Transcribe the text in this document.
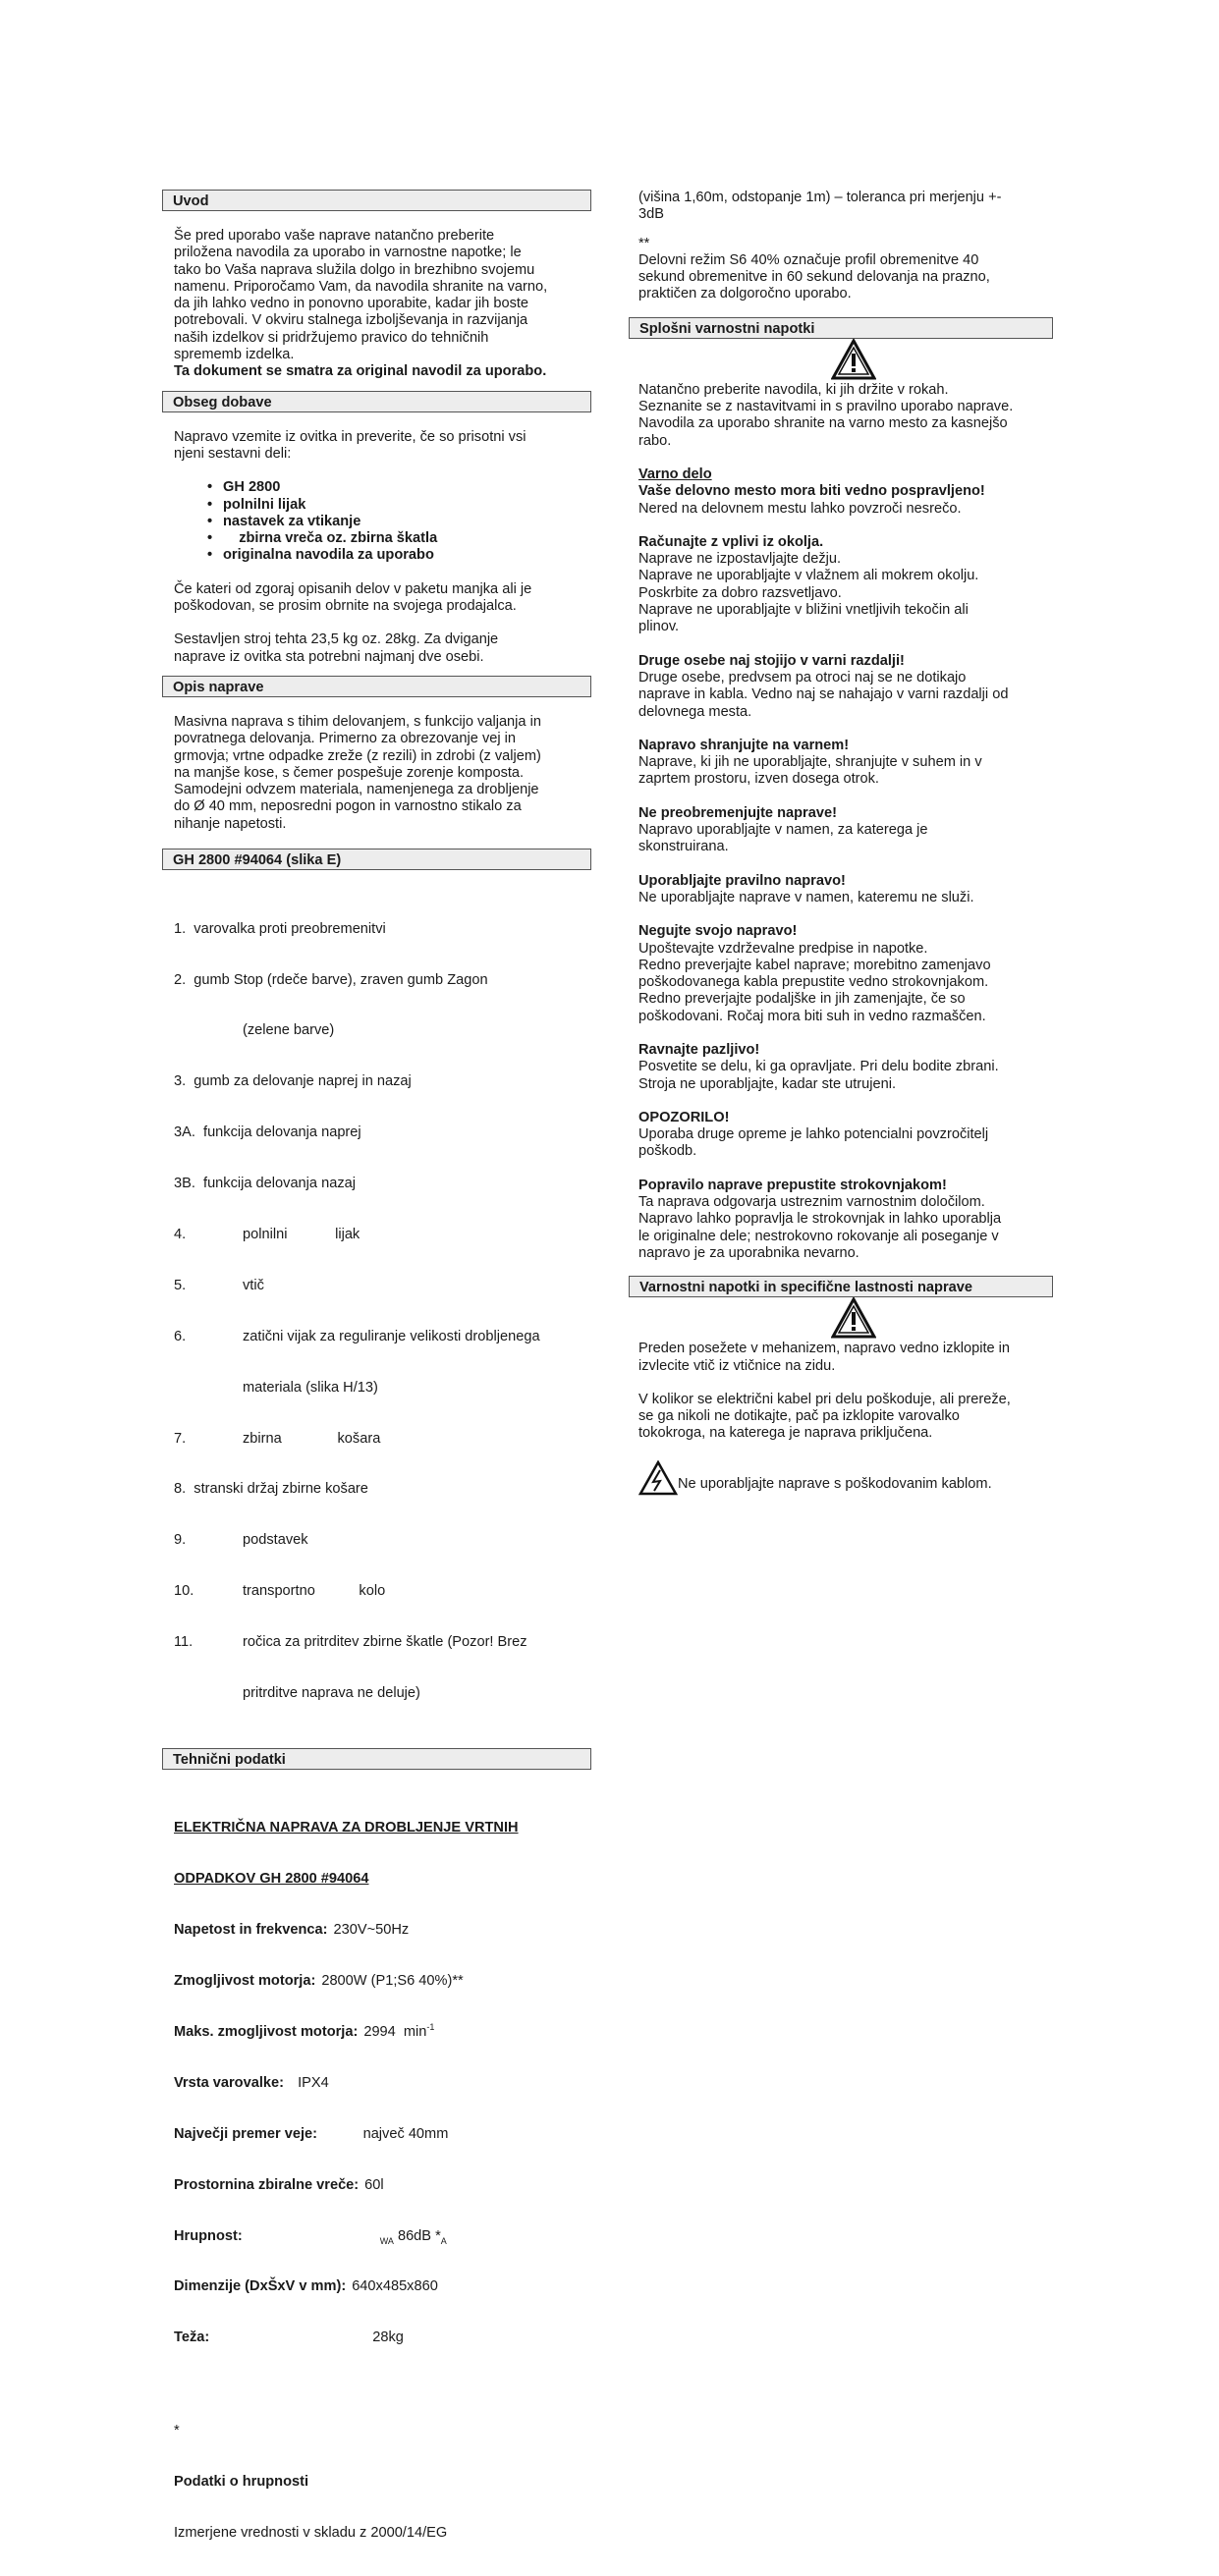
Uvod
Še pred uporabo vaše naprave natančno preberite
priložena navodila za uporabo in varnostne napotke; le
tako bo Vaša naprava služila dolgo in brezhibno svojemu
namenu. Priporočamo Vam, da navodila shranite na varno,
da jih lahko vedno in ponovno uporabite, kadar jih boste
potrebovali. V okviru stalnega izboljševanja in razvijanja
naših izdelkov si pridržujemo pravico do tehničnih
sprememb izdelka.
Ta dokument se smatra za original navodil za uporabo.
Obseg dobave
Napravo vzemite iz ovitka in preverite, če so prisotni vsi
njeni sestavni deli:
• GH 2800
• polnilni lijak
• nastavek za vtikanje
•     zbirna vreča oz. zbirna škatla
• originalna navodila za uporabo
Če kateri od zgoraj opisanih delov v paketu manjka ali je
poškodovan, se prosim obrnite na svojega prodajalca.
Sestavljen stroj tehta 23,5 kg oz. 28kg. Za dviganje
naprave iz ovitka sta potrebni najmanj dve osebi.
Opis naprave
Masivna naprava s tihim delovanjem, s funkcijo valjanja in
povratnega delovanja. Primerno za obrezovanje vej in
grmovja; vrtne odpadke zreže (z rezili) in zdrobi (z valjem)
na manjše kose, s čemer pospešuje zorenje komposta.
Samodejni odvzem materiala, namenjenega za drobljenje
do Ø 40 mm, neposredni pogon in varnostno stikalo za
nihanje napetosti.
GH 2800 #94064 (slika E)

1.  varovalka proti preobremenitvi

2.  gumb Stop (rdeče barve), zraven gumb Zagon

(zelene barve)

3.  gumb za delovanje naprej in nazaj

3A.  funkcija delovanja naprej

3B.  funkcija delovanja nazaj

4.	polnilni            lijak

5.	vtič

6.	zatični vijak za reguliranje velikosti drobljenega

materiala (slika H/13)

7.	zbirna              košara

8.  stranski držaj zbirne košare

9.	podstavek

10.	transportno           kolo

11.	ročica za pritrditev zbirne škatle (Pozor! Brez

pritrditve naprava ne deluje)

Tehnični podatki

ELEKTRIČNA NAPRAVA ZA DROBLJENJE VRTNIH

ODPADKOV GH 2800 #94064

Napetost in frekvenca: 230V~50Hz

Zmogljivost motorja: 2800W (P1;S6 40%)**

Maks. zmogljivost motorja: 2994  $\min^{-1}$

Vrsta varovalke: IPX4

Največji premer veje: največ 40mm

Prostornina zbiralne vreče: 60l

Hrupnost:	$_{WA}$ 86dB $*_A$

Dimenzije (DxŠxV v mm): 640x485x860

Teža:	28kg

*

Podatki o hrupnosti

Izmerjene vrednosti v skladu z 2000/14/EG

(višina 1,60m, odstopanje 1m) – toleranca pri merjenju +-
3dB
**
Delovni režim S6 40% označuje profil obremenitve 40
sekund obremenitve in 60 sekund delovanja na prazno,
praktičen za dolgoročno uporabo.
Splošni varnostni napotki
Natančno preberite navodila, ki jih držite v rokah.
Seznanite se z nastavitvami in s pravilno uporabo naprave.
Navodila za uporabo shranite na varno mesto za kasnejšo
rabo.
Varno delo
Vaše delovno mesto mora biti vedno pospravljeno!
Nered na delovnem mestu lahko povzroči nesrečo.
Računajte z vplivi iz okolja.
Naprave ne izpostavljajte dežju.
Naprave ne uporabljajte v vlažnem ali mokrem okolju.
Poskrbite za dobro razsvetljavo.
Naprave ne uporabljajte v bližini vnetljivih tekočin ali
plinov.
Druge osebe naj stojijo v varni razdalji!
Druge osebe, predvsem pa otroci naj se ne dotikajo
naprave in kabla. Vedno naj se nahajajo v varni razdalji od
delovnega mesta.
Napravo shranjujte na varnem!
Naprave, ki jih ne uporabljajte, shranjujte v suhem in v
zaprtem prostoru, izven dosega otrok.
Ne preobremenjujte naprave!
Napravo uporabljajte v namen, za katerega je
skonstruirana.
Uporabljajte pravilno napravo!
Ne uporabljajte naprave v namen, kateremu ne služi.
Negujte svojo napravo!
Upoštevajte vzdrževalne predpise in napotke.
Redno preverjajte kabel naprave; morebitno zamenjavo
poškodovanega kabla prepustite vedno strokovnjakom.
Redno preverjajte podaljške in jih zamenjajte, če so
poškodovani. Ročaj mora biti suh in vedno razmaščen.
Ravnajte pazljivo!
Posvetite se delu, ki ga opravljate. Pri delu bodite zbrani.
Stroja ne uporabljajte, kadar ste utrujeni.
OPOZORILO!
Uporaba druge opreme je lahko potencialni povzročitelj
poškodb.
Popravilo naprave prepustite strokovnjakom!
Ta naprava odgovarja ustreznim varnostnim določilom.
Napravo lahko popravlja le strokovnjak in lahko uporablja
le originalne dele; nestrokovno rokovanje ali poseganje v
napravo je za uporabnika nevarno.
Varnostni napotki in specifične lastnosti naprave
Preden posežete v mehanizem, napravo vedno izklopite in
izvlecite vtič iz vtičnice na zidu.
V kolikor se električni kabel pri delu poškoduje, ali prereže,
se ga nikoli ne dotikajte, pač pa izklopite varovalko
tokokroga, na katerega je naprava priključena.
Ne uporabljajte naprave s poškodovanim kablom.
